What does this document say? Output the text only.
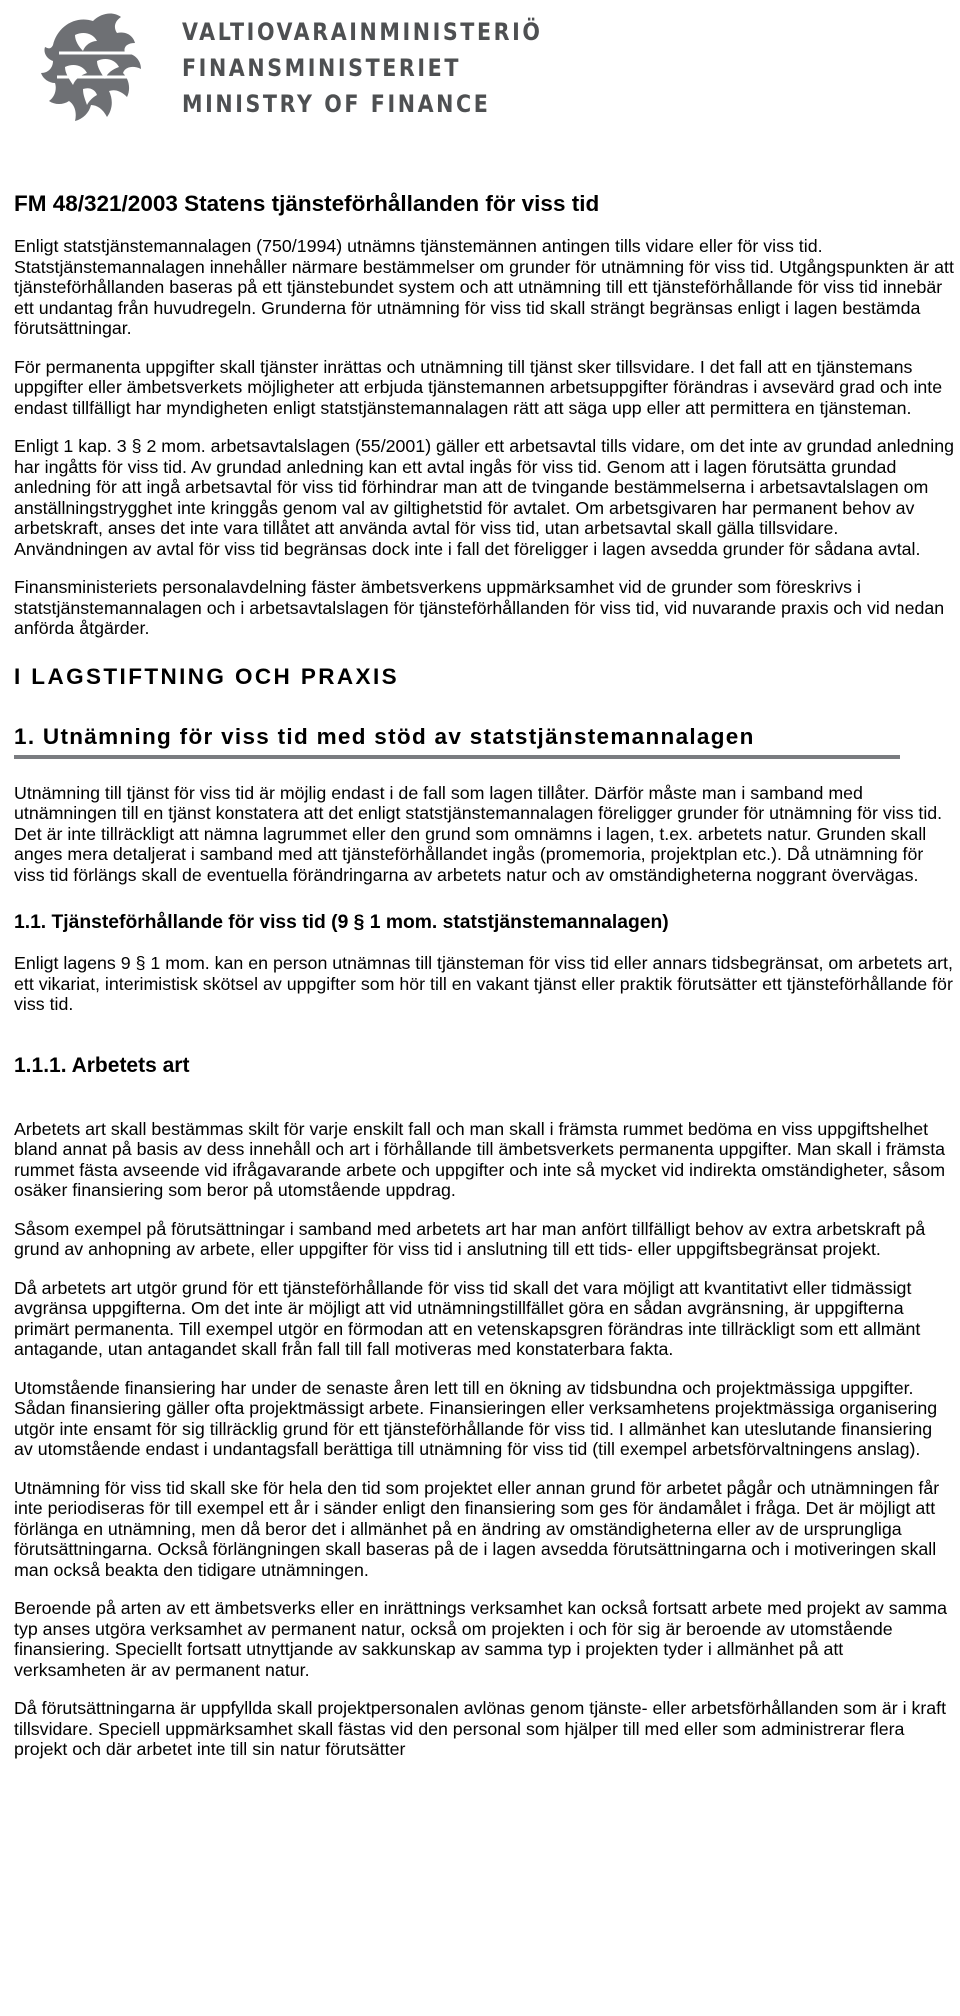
VALTIOVARAINMINISTERIÖ
FINANSMINISTERIET
MINISTRY OF FINANCE
FM 48/321/2003 Statens tjänsteförhållanden för viss tid

Enligt statstjänstemannalagen (750/1994) utnämns tjänstemännen antingen tills vidare eller för viss tid. Statstjänstemannalagen innehåller närmare bestämmelser om grunder för utnämning för viss tid. Utgångspunkten är att tjänsteförhållanden baseras på ett tjänstebundet system och att utnämning till ett tjänsteförhållande för viss tid innebär ett undantag från huvudregeln. Grunderna för utnämning för viss tid skall strängt begränsas enligt i lagen bestämda förutsättningar.

För permanenta uppgifter skall tjänster inrättas och utnämning till tjänst sker tillsvidare. I det fall att en tjänstemans uppgifter eller ämbetsverkets möjligheter att erbjuda tjänstemannen arbetsuppgifter förändras i avsevärd grad och inte endast tillfälligt har myndigheten enligt statstjänstemannalagen rätt att säga upp eller att permittera en tjänsteman.

Enligt 1 kap. 3 § 2 mom. arbetsavtalslagen (55/2001) gäller ett arbetsavtal tills vidare, om det inte av grundad anledning har ingåtts för viss tid. Av grundad anledning kan ett avtal ingås för viss tid. Genom att i lagen förutsätta grundad anledning för att ingå arbetsavtal för viss tid förhindrar man att de tvingande bestämmelserna i arbetsavtalslagen om anställningstrygghet inte kringgås genom val av giltighetstid för avtalet. Om arbetsgivaren har permanent behov av arbetskraft, anses det inte vara tillåtet att använda avtal för viss tid, utan arbetsavtal skall gälla tillsvidare. Användningen av avtal för viss tid begränsas dock inte i fall det föreligger i lagen avsedda grunder för sådana avtal.

Finansministeriets personalavdelning fäster ämbetsverkens uppmärksamhet vid de grunder som föreskrivs i statstjänstemannalagen och i arbetsavtalslagen för tjänsteförhållanden för viss tid, vid nuvarande praxis och vid nedan anförda åtgärder.

I LAGSTIFTNING OCH PRAXIS
1. Utnämning för viss tid med stöd av statstjänstemannalagen

Utnämning till tjänst för viss tid är möjlig endast i de fall som lagen tillåter. Därför måste man i samband med utnämningen till en tjänst konstatera att det enligt statstjänstemannalagen föreligger grunder för utnämning för viss tid. Det är inte tillräckligt att nämna lagrummet eller den grund som omnämns i lagen, t.ex. arbetets natur. Grunden skall anges mera detaljerat i samband med att tjänsteförhållandet ingås (promemoria, projektplan etc.). Då utnämning för viss tid förlängs skall de eventuella förändringarna av arbetets natur och av omständigheterna noggrant övervägas.

1.1. Tjänsteförhållande för viss tid (9 § 1 mom. statstjänstemannalagen)

Enligt lagens 9 § 1 mom. kan en person utnämnas till tjänsteman för viss tid eller annars tidsbegränsat, om arbetets art, ett vikariat, interimistisk skötsel av uppgifter som hör till en vakant tjänst eller praktik förutsätter ett tjänsteförhållande för viss tid.

1.1.1. Arbetets art

Arbetets art skall bestämmas skilt för varje enskilt fall och man skall i främsta rummet bedöma en viss uppgiftshelhet bland annat på basis av dess innehåll och art i förhållande till ämbetsverkets permanenta uppgifter. Man skall i främsta rummet fästa avseende vid ifrågavarande arbete och uppgifter och inte så mycket vid indirekta omständigheter, såsom osäker finansiering som beror på utomstående uppdrag.

Såsom exempel på förutsättningar i samband med arbetets art har man anfört tillfälligt behov av extra arbetskraft på grund av anhopning av arbete, eller uppgifter för viss tid i anslutning till ett tids- eller uppgiftsbegränsat projekt.

Då arbetets art utgör grund för ett tjänsteförhållande för viss tid skall det vara möjligt att kvantitativt eller tidmässigt avgränsa uppgifterna. Om det inte är möjligt att vid utnämningstillfället göra en sådan avgränsning, är uppgifterna primärt permanenta. Till exempel utgör en förmodan att en vetenskapsgren förändras inte tillräckligt som ett allmänt antagande, utan antagandet skall från fall till fall motiveras med konstaterbara fakta.

Utomstående finansiering har under de senaste åren lett till en ökning av tidsbundna och projektmässiga uppgifter. Sådan finansiering gäller ofta projektmässigt arbete. Finansieringen eller verksamhetens projektmässiga organisering utgör inte ensamt för sig tillräcklig grund för ett tjänsteförhållande för viss tid. I allmänhet kan uteslutande finansiering av utomstående endast i undantagsfall berättiga till utnämning för viss tid (till exempel arbetsförvaltningens anslag).

Utnämning för viss tid skall ske för hela den tid som projektet eller annan grund för arbetet pågår och utnämningen får inte periodiseras för till exempel ett år i sänder enligt den finansiering som ges för ändamålet i fråga. Det är möjligt att förlänga en utnämning, men då beror det i allmänhet på en ändring av omständigheterna eller av de ursprungliga förutsättningarna. Också förlängningen skall baseras på de i lagen avsedda förutsättningarna och i motiveringen skall man också beakta den tidigare utnämningen.

Beroende på arten av ett ämbetsverks eller en inrättnings verksamhet kan också fortsatt arbete med projekt av samma typ anses utgöra verksamhet av permanent natur, också om projekten i och för sig är beroende av utomstående finansiering. Speciellt fortsatt utnyttjande av sakkunskap av samma typ i projekten tyder i allmänhet på att verksamheten är av permanent natur.

Då förutsättningarna är uppfyllda skall projektpersonalen avlönas genom tjänste- eller arbetsförhållanden som är i kraft tillsvidare. Speciell uppmärksamhet skall fästas vid den personal som hjälper till med eller som administrerar flera projekt och där arbetet inte till sin natur förutsätter
